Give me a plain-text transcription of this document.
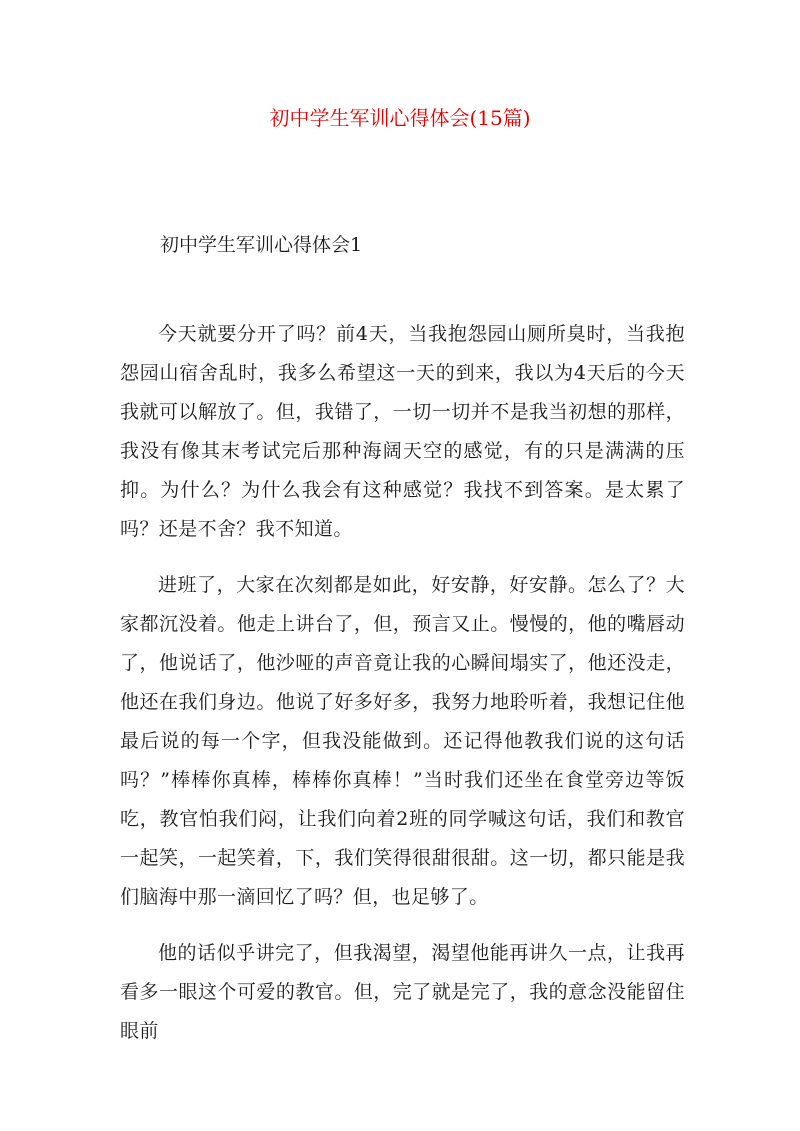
初中学生军训心得体会(15篇)
初中学生军训心得体会1

今天就要分开了吗？前4天，当我抱怨园山厕所臭时，当我抱怨园山宿舍乱时，我多么希望这一天的到来，我以为4天后的今天我就可以解放了。但，我错了，一切一切并不是我当初想的那样，我没有像其末考试完后那种海阔天空的感觉，有的只是满满的压抑。为什么？为什么我会有这种感觉？我找不到答案。是太累了吗？还是不舍？我不知道。

进班了，大家在次刻都是如此，好安静，好安静。怎么了？大家都沉没着。他走上讲台了，但，预言又止。慢慢的，他的嘴唇动了，他说话了，他沙哑的声音竟让我的心瞬间塌实了，他还没走，他还在我们身边。他说了好多好多，我努力地聆听着，我想记住他最后说的每一个字，但我没能做到。还记得他教我们说的这句话吗？”棒棒你真棒，棒棒你真棒！”当时我们还坐在食堂旁边等饭吃，教官怕我们闷，让我们向着2班的同学喊这句话，我们和教官一起笑，一起笑着，下，我们笑得很甜很甜。这一切，都只能是我们脑海中那一滴回忆了吗？但，也足够了。

他的话似乎讲完了，但我渴望，渴望他能再讲久一点，让我再看多一眼这个可爱的教官。但，完了就是完了，我的意念没能留住眼前
